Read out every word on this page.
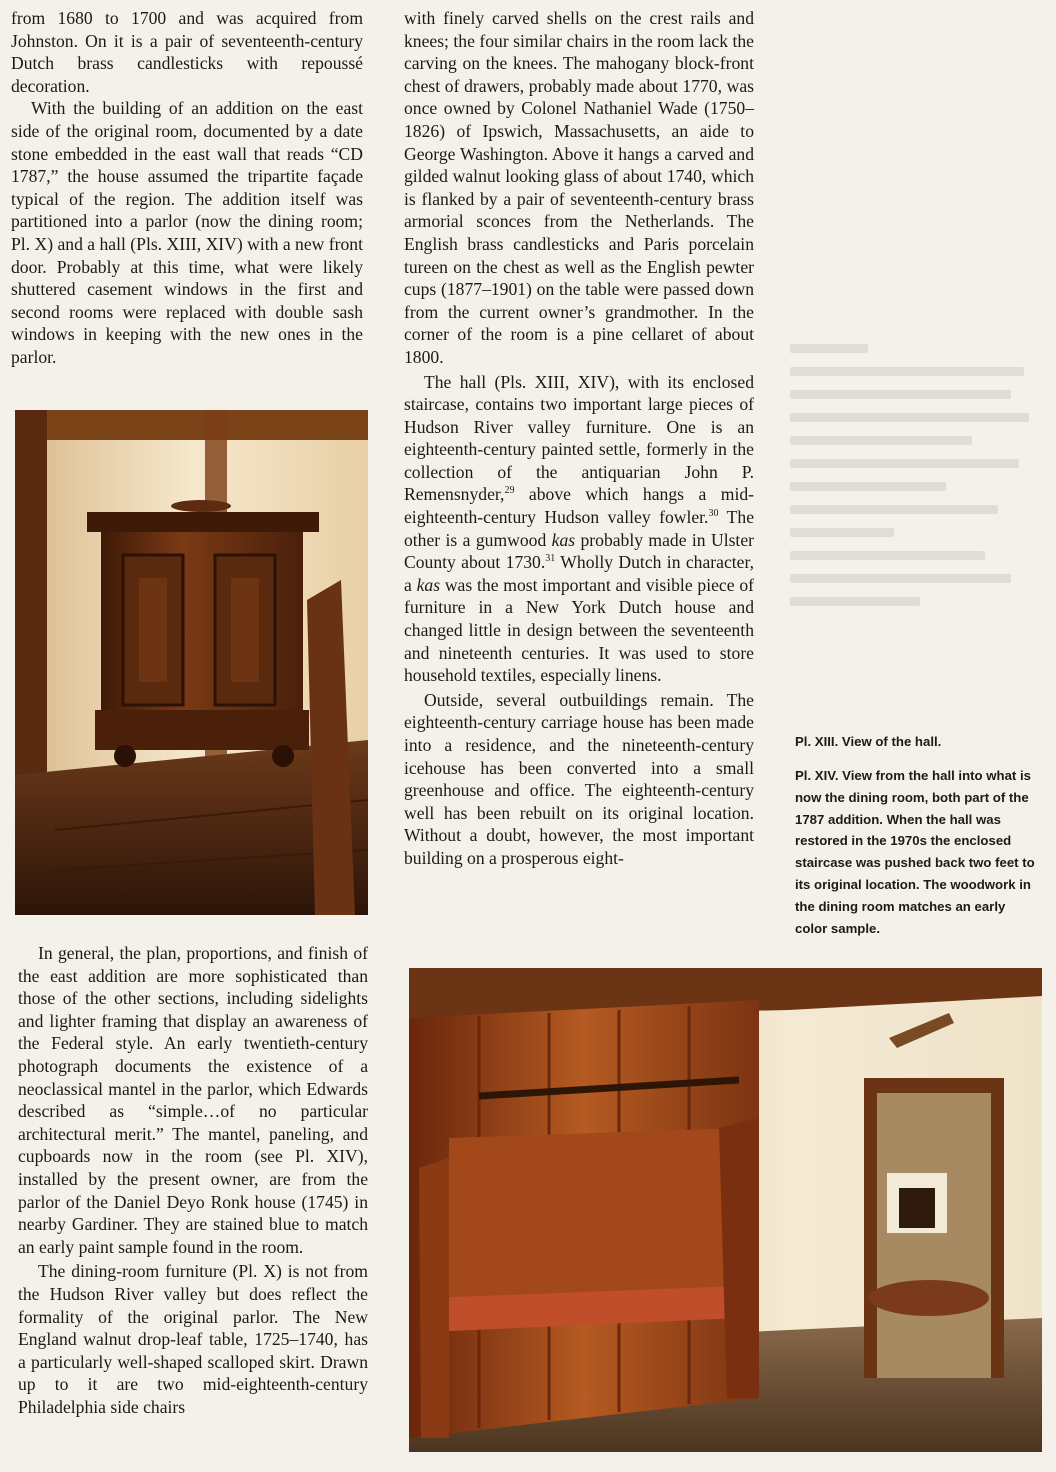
from 1680 to 1700 and was acquired from Johnston. On it is a pair of seventeenth-century Dutch brass candlesticks with repoussé decoration.

With the building of an addition on the east side of the original room, documented by a date stone embedded in the east wall that reads “CD 1787,” the house assumed the tripartite façade typical of the region. The addition itself was partitioned into a parlor (now the dining room; Pl. X) and a hall (Pls. XIII, XIV) with a new front door. Probably at this time, what were likely shuttered casement windows in the first and second rooms were replaced with double sash windows in keeping with the new ones in the parlor.

with finely carved shells on the crest rails and knees; the four similar chairs in the room lack the carving on the knees. The mahogany block-front chest of drawers, probably made about 1770, was once owned by Colonel Nathaniel Wade (1750–1826) of Ipswich, Massachusetts, an aide to George Washington. Above it hangs a carved and gilded walnut looking glass of about 1740, which is flanked by a pair of seventeenth-century brass armorial sconces from the Netherlands. The English brass candlesticks and Paris porcelain tureen on the chest as well as the English pewter cups (1877–1901) on the table were passed down from the current owner’s grandmother. In the corner of the room is a pine cellaret of about 1800.

The hall (Pls. XIII, XIV), with its enclosed staircase, contains two important large pieces of Hudson River valley furniture. One is an eighteenth-century painted settle, formerly in the collection of the antiquarian John P. Remensnyder,$^{29}$ above which hangs a mid-eighteenth-century Hudson valley fowler.$^{30}$ The other is a gumwood kas probably made in Ulster County about 1730.31 Wholly Dutch in character, a kas was the most important and visible piece of furniture in a New York Dutch house and changed little in design between the seventeenth and nineteenth centuries. It was used to store household textiles, especially linens.

Outside, several outbuildings remain. The eighteenth-century carriage house has been made into a residence, and the nineteenth-century icehouse has been converted into a small greenhouse and office. The eighteenth-century well has been rebuilt on its original location. Without a doubt, however, the most important building on a prosperous eight-

Pl. XIII. View of the hall.
Pl. XIV. View from the hall into what is now the dining room, both part of the 1787 addition. When the hall was restored in the 1970s the enclosed staircase was pushed back two feet to its original location. The woodwork in the dining room matches an early color sample.

In general, the plan, proportions, and finish of the east addition are more sophisticated than those of the other sections, including sidelights and lighter framing that display an awareness of the Federal style. An early twentieth-century photograph documents the existence of a neoclassical mantel in the parlor, which Edwards described as “simple…of no particular architectural merit.” The mantel, paneling, and cupboards now in the room (see Pl. XIV), installed by the present owner, are from the parlor of the Daniel Deyo Ronk house (1745) in nearby Gardiner. They are stained blue to match an early paint sample found in the room.

The dining-room furniture (Pl. X) is not from the Hudson River valley but does reflect the formality of the original parlor. The New England walnut drop-leaf table, 1725–1740, has a particularly well-shaped scalloped skirt. Drawn up to it are two mid-eighteenth-century Philadelphia side chairs
